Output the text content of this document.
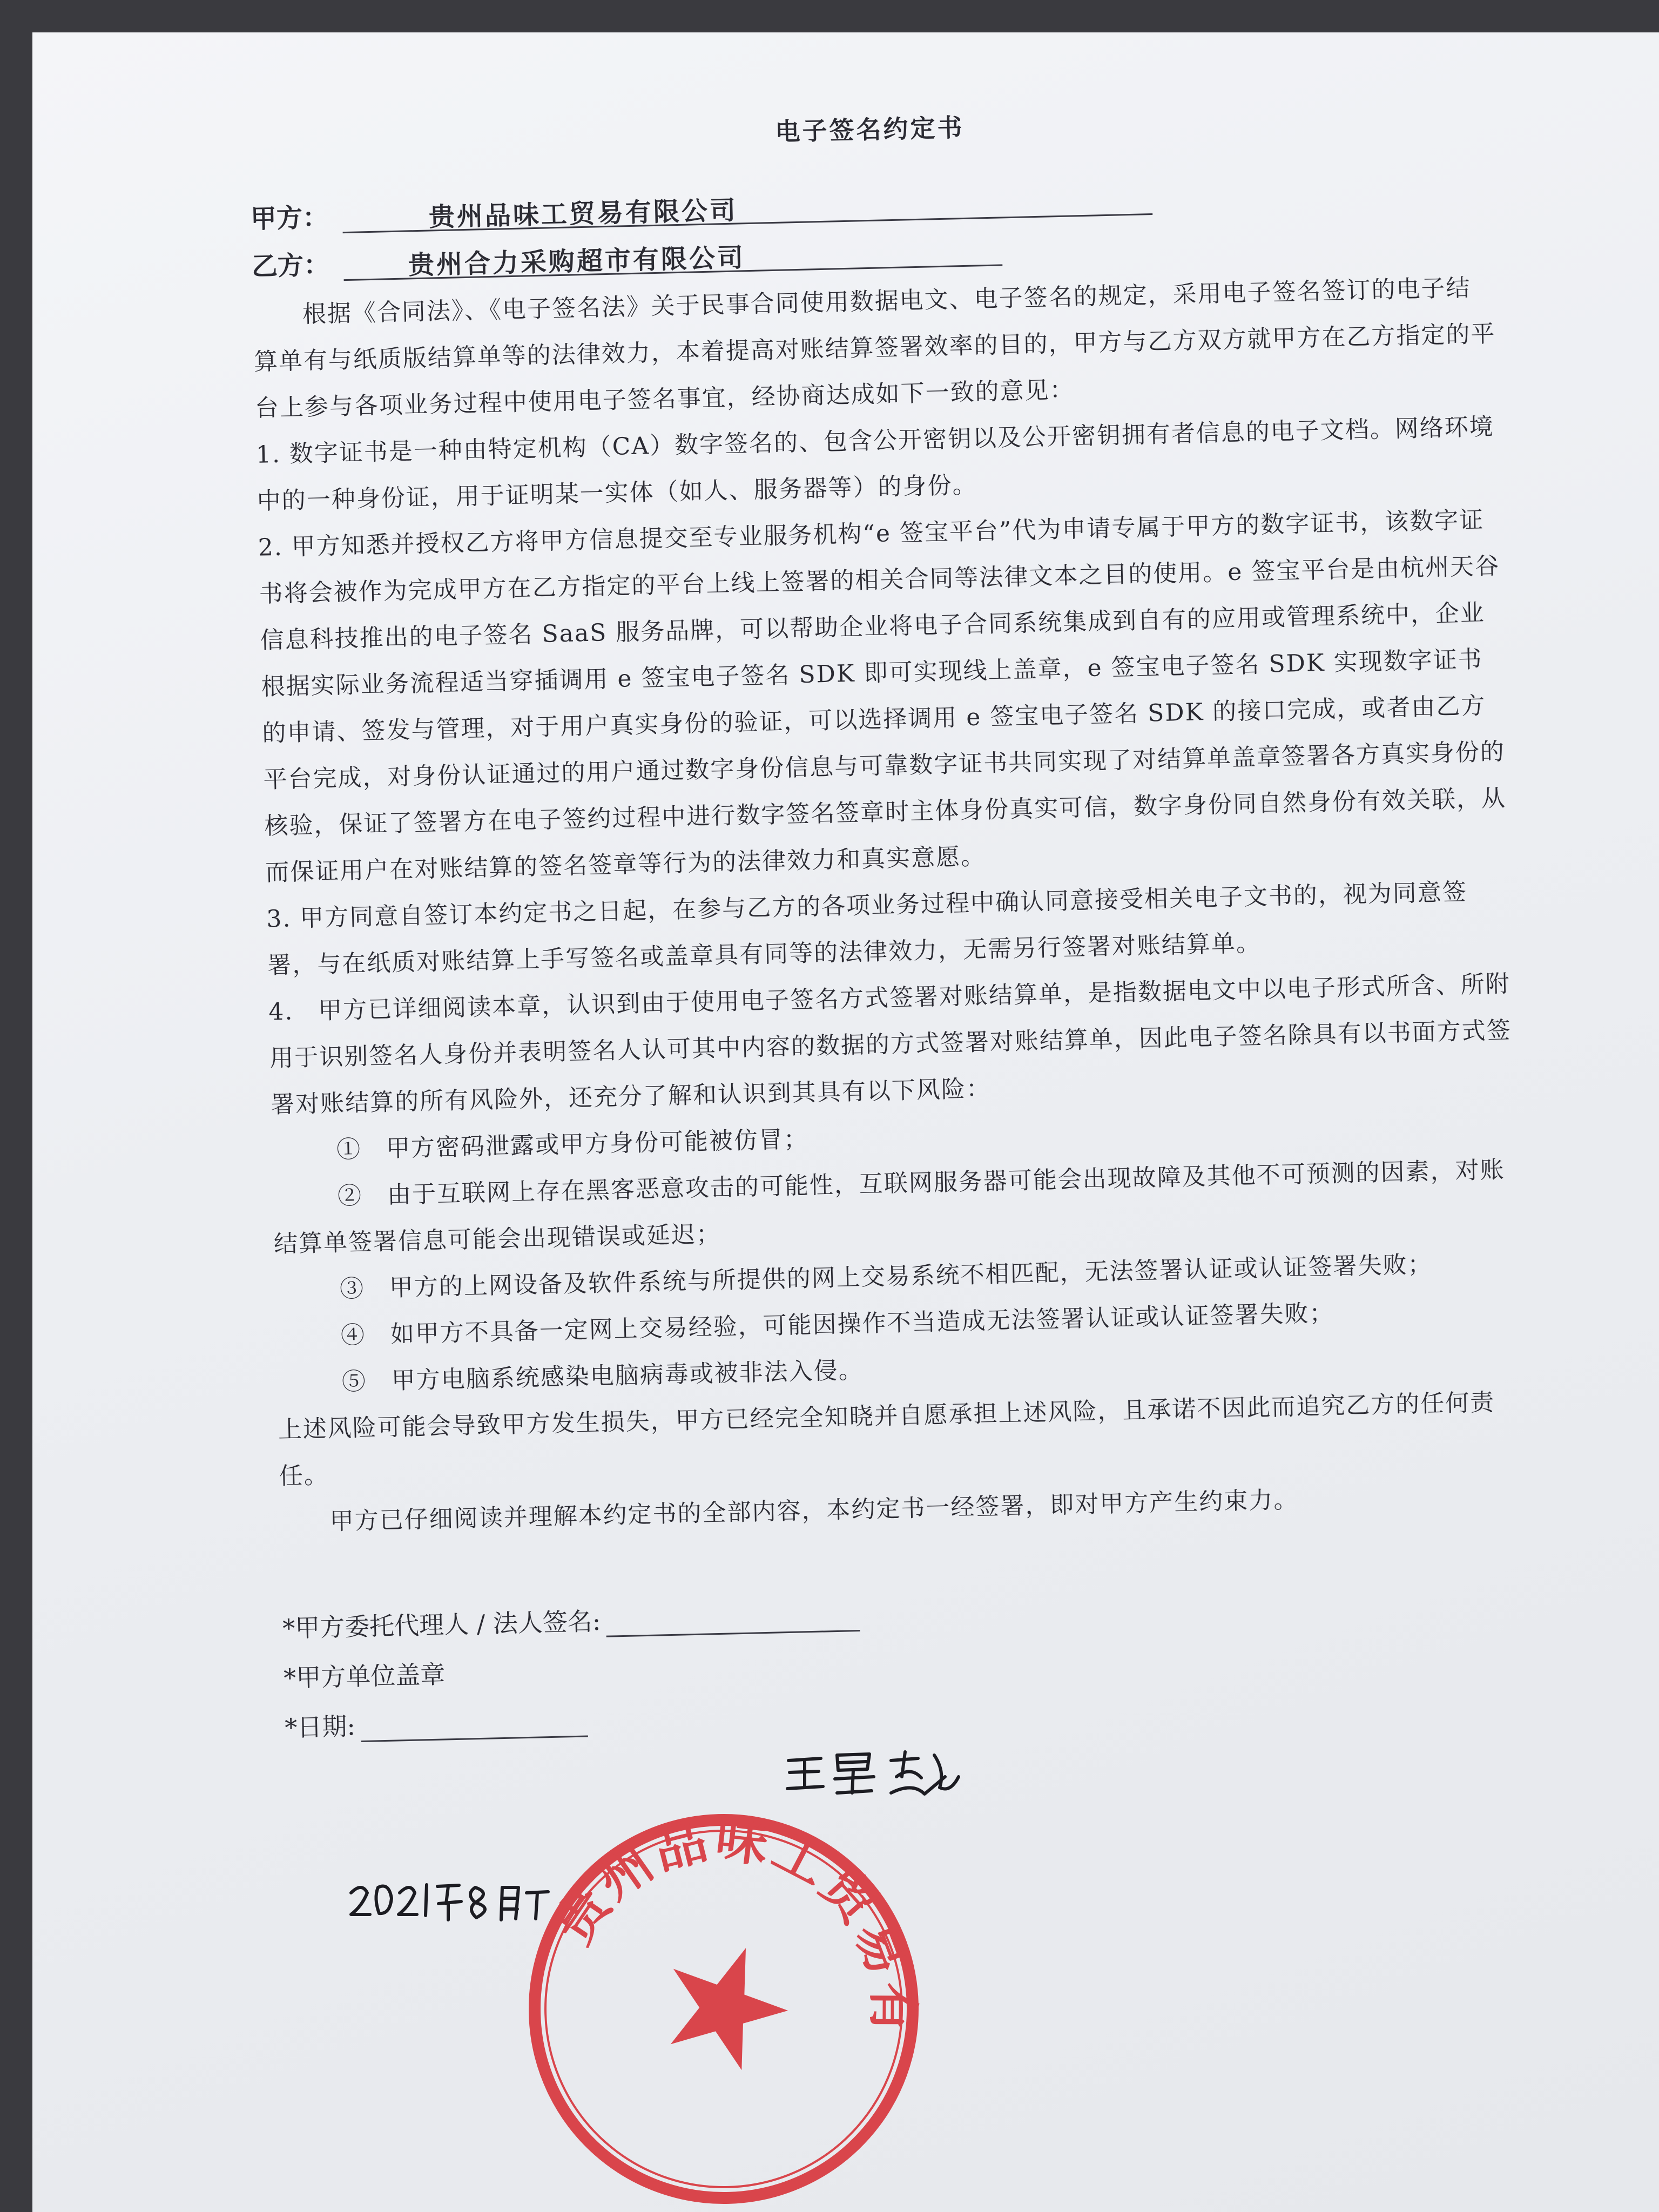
电子签名约定书
甲方：	贵州品味工贸易有限公司
乙方：	贵州合力采购超市有限公司

根据《合同法》、《电子签名法》关于民事合同使用数据电文、电子签名的规定，采用电子签名签订的电子结算单有与纸质版结算单等的法律效力，本着提高对账结算签署效率的目的，甲方与乙方双方就甲方在乙方指定的平台上参与各项业务过程中使用电子签名事宜，经协商达成如下一致的意见：

1. 数字证书是一种由特定机构（CA）数字签名的、包含公开密钥以及公开密钥拥有者信息的电子文档。网络环境中的一种身份证，用于证明某一实体（如人、服务器等）的身份。

2. 甲方知悉并授权乙方将甲方信息提交至专业服务机构“e 签宝平台”代为申请专属于甲方的数字证书，该数字证书将会被作为完成甲方在乙方指定的平台上线上签署的相关合同等法律文本之目的使用。e 签宝平台是由杭州天谷信息科技推出的电子签名 SaaS 服务品牌，可以帮助企业将电子合同系统集成到自有的应用或管理系统中，企业根据实际业务流程适当穿插调用 e 签宝电子签名 SDK 即可实现线上盖章，e 签宝电子签名 SDK 实现数字证书的申请、签发与管理，对于用户真实身份的验证，可以选择调用 e 签宝电子签名 SDK 的接口完成，或者由乙方平台完成，对身份认证通过的用户通过数字身份信息与可靠数字证书共同实现了对结算单盖章签署各方真实身份的核验，保证了签署方在电子签约过程中进行数字签名签章时主体身份真实可信，数字身份同自然身份有效关联，从而保证用户在对账结算的签名签章等行为的法律效力和真实意愿。

3. 甲方同意自签订本约定书之日起，在参与乙方的各项业务过程中确认同意接受相关电子文书的，视为同意签署，与在纸质对账结算上手写签名或盖章具有同等的法律效力，无需另行签署对账结算单。

4.　甲方已详细阅读本章，认识到由于使用电子签名方式签署对账结算单，是指数据电文中以电子形式所含、所附用于识别签名人身份并表明签名人认可其中内容的数据的方式签署对账结算单，因此电子签名除具有以书面方式签署对账结算的所有风险外，还充分了解和认识到其具有以下风险：

①　甲方密码泄露或甲方身份可能被仿冒；

②　由于互联网上存在黑客恶意攻击的可能性，互联网服务器可能会出现故障及其他不可预测的因素，对账结算单签署信息可能会出现错误或延迟；

③　甲方的上网设备及软件系统与所提供的网上交易系统不相匹配，无法签署认证或认证签署失败；

④　如甲方不具备一定网上交易经验，可能因操作不当造成无法签署认证或认证签署失败；

⑤　甲方电脑系统感染电脑病毒或被非法入侵。

上述风险可能会导致甲方发生损失，甲方已经完全知晓并自愿承担上述风险，且承诺不因此而追究乙方的任何责任。

甲方已仔细阅读并理解本约定书的全部内容，本约定书一经签署，即对甲方产生约束力。

*甲方委托代理人 / 法人签名:
*甲方单位盖章
*日期:
贵州品味工贸易有限公司
